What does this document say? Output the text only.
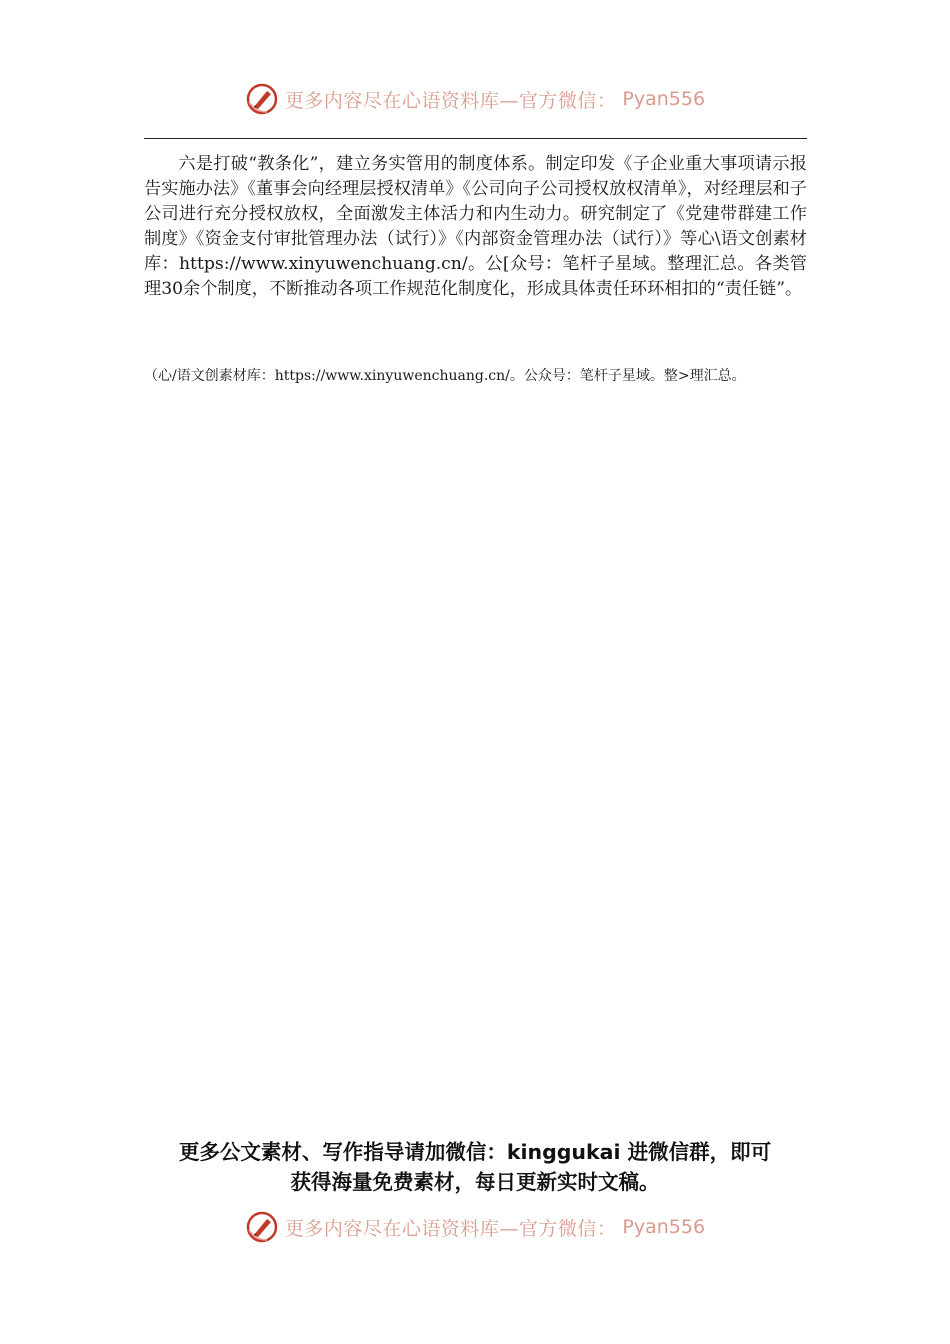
更多内容尽在心语资料库—官方微信： Pyan556

六是打破“教条化”，建立务实管用的制度体系。制定印发《子企业重大事项请示报告实施办法》《董事会向经理层授权清单》《公司向子公司授权放权清单》，对经理层和子公司进行充分授权放权，全面激发主体活力和内生动力。研究制定了《党建带群建工作制度》《资金支付审批管理办法（试行）》《内部资金管理办法（试行）》等心\语文创素材库：https://www.xinyuwenchuang.cn/。公[众号：笔杆子星域。整理汇总。各类管理30余个制度，不断推动各项工作规范化制度化，形成具体责任环环相扣的“责任链”。

（心/语文创素材库：https://www.xinyuwenchuang.cn/。公众号：笔杆子星域。整>理汇总。

更多公文素材、写作指导请加微信：kinggukai 进微信群，即可
获得海量免费素材，每日更新实时文稿。
更多内容尽在心语资料库—官方微信： Pyan556
